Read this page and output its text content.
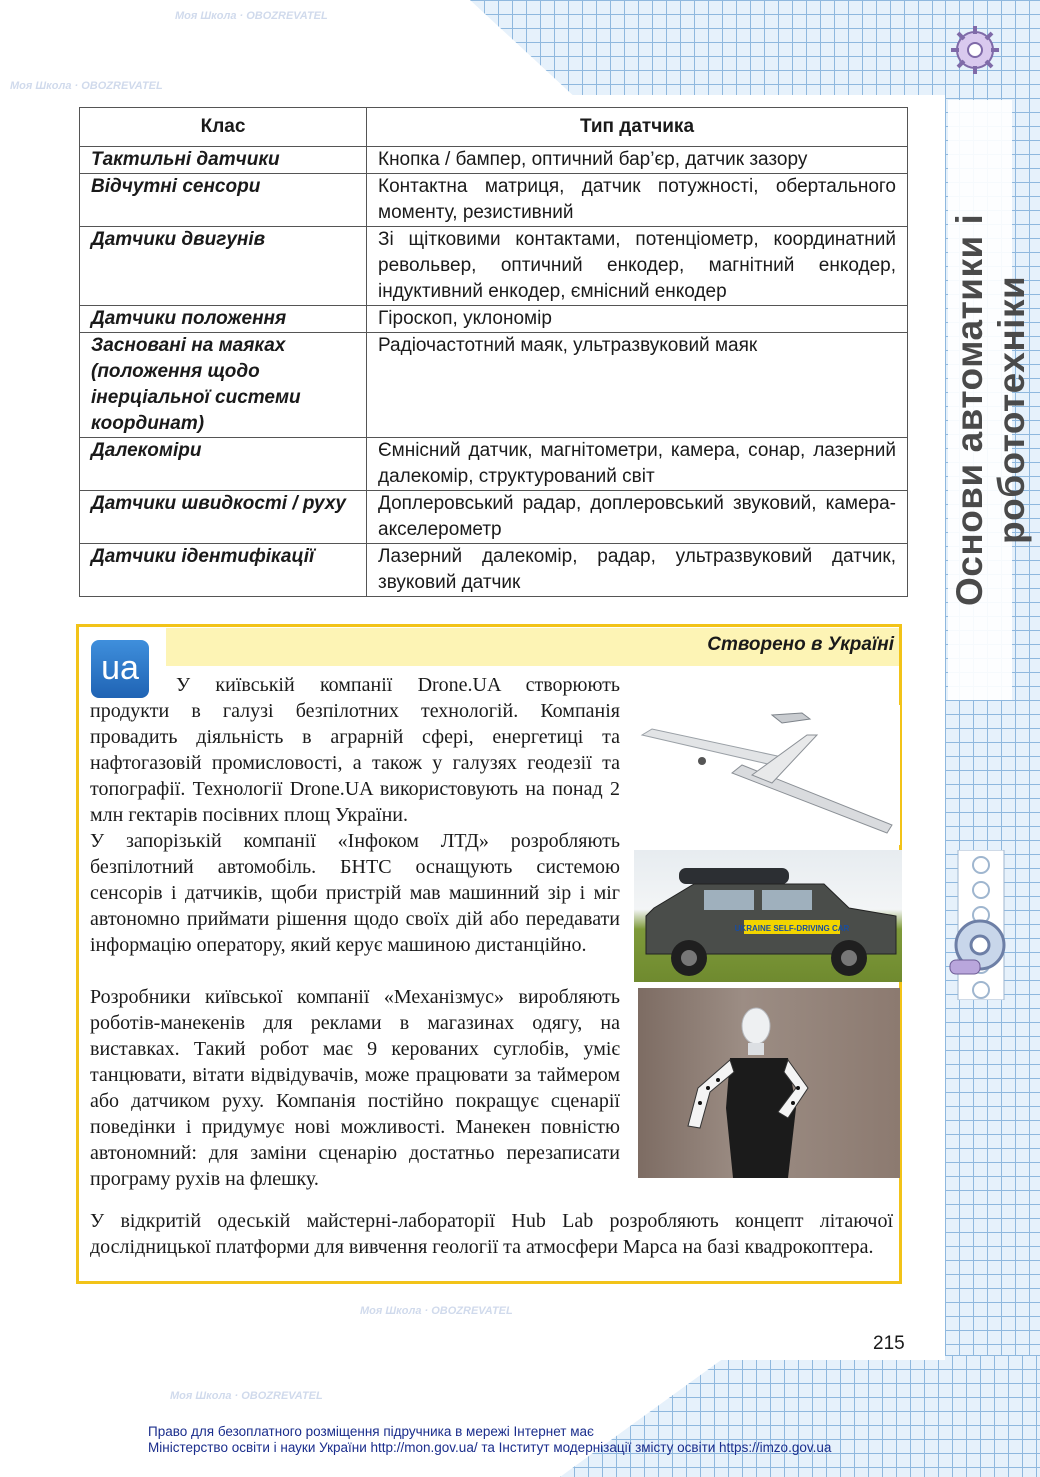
Основи автоматики і робототехніки
Моя Школа · OBOZREVATEL
Моя Школа · OBOZREVATEL
Моя Школа · OBOZREVATEL
Моя Школа · OBOZREVATEL
Клас	Тип датчика
Тактильні датчики	Кнопка / бампер, оптичний бар’єр, датчик зазору
Відчутні сенсори	Контактна матриця, датчик потужності, обертального моменту, резистивний
Датчики двигунів	Зі щітковими контактами, потенціометр, координатний револьвер, оптичний енкодер, магнітний енкодер, індуктивний енкодер, ємнісний енкодер
Датчики положення	Гіроскоп, уклономір
Засновані на маяках (положення щодо інерціальної системи координат)	Радіочастотний маяк, ультразвуковий маяк
Далекоміри	Ємнісний датчик, магнітометри, камера, сонар, лазерний далекомір, структурований світ
Датчики швидкості / руху	Доплеровський радар, доплеровський звуковий, камера-акселерометр
Датчики ідентифікації	Лазерний далекомір, радар, ультразвуковий датчик, звуковий датчик
Створено в Україні
ua	У київській компанії Drone.UA створюють продукти в галузі безпілотних технологій. Компанія провадить діяльність в аграрній сфері, енергетиці та нафтогазовій промисловості, а також у галузях геодезії та топографії. Технології Drone.UA використовують на понад 2 млн гектарів посівних площ України.

У запорізькій компанії «Інфоком ЛТД» розробляють безпілотний автомобіль. БНТС оснащують системою сенсорів і датчиків, щоби пристрій мав машинний зір і міг автономно приймати рішення щодо своїх дій або передавати інформацію оператору, який керує машиною дистанційно.

Розробники київської компанії «Механізмус» виробляють роботів-манекенів для реклами в магазинах одягу, на виставках. Такий робот має 9 керованих суглобів, уміє танцювати, вітати відвідувачів, може працювати за таймером або датчиком руху. Компанія постійно покращує сценарії поведінки і придумує нові можливості. Манекен повністю автономний: для заміни сценарію достатньо перезаписати програму рухів на флешку.

У відкритій одеській майстерні-лабораторії Hub Lab розробляють концепт літаючої дослідницької платформи для вивчення геології та атмосфери Марса на базі квадрокоптера.

UKRAINE SELF-DRIVING CAR
215
Право для безоплатного розміщення підручника в мережі Інтернет має
Міністерство освіти і науки України http://mon.gov.ua/ та Інститут модернізації змісту освіти https://imzo.gov.ua
